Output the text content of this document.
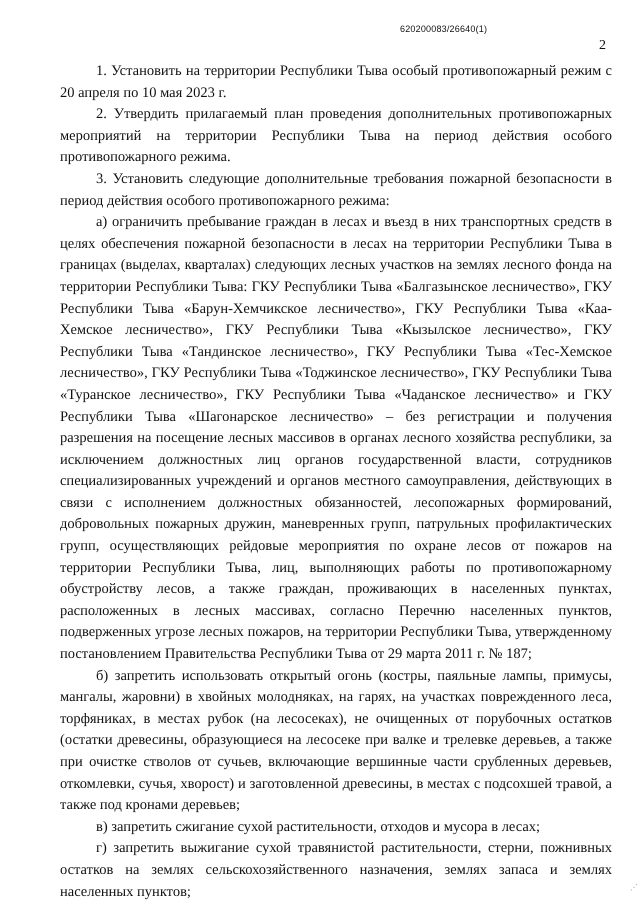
620200083/26640(1)
2

1. Установить на территории Республики Тыва особый противопожарный режим с 20 апреля по 10 мая 2023 г.

2. Утвердить прилагаемый план проведения дополнительных противопожарных мероприятий на территории Республики Тыва на период действия особого противопожарного режима.

3. Установить следующие дополнительные требования пожарной безопасности в период действия особого противопожарного режима:

а) ограничить пребывание граждан в лесах и въезд в них транспортных средств в целях обеспечения пожарной безопасности в лесах на территории Республики Тыва в границах (выделах, кварталах) следующих лесных участков на землях лесного фонда на территории Республики Тыва: ГКУ Республики Тыва «Балгазынское лесничество», ГКУ Республики Тыва «Барун-Хемчикское лесничество», ГКУ Республики Тыва «Каа-Хемское лесничество», ГКУ Республики Тыва «Кызылское лесничество», ГКУ Республики Тыва «Тандинское лесничество», ГКУ Республики Тыва «Тес-Хемское лесничество», ГКУ Республики Тыва «Тоджинское лесничество», ГКУ Республики Тыва «Туранское лесничество», ГКУ Республики Тыва «Чаданское лесничество» и ГКУ Республики Тыва «Шагонарское лесничество» – без регистрации и получения разрешения на посещение лесных массивов в органах лесного хозяйства республики, за исключением должностных лиц органов государственной власти, сотрудников специализированных учреждений и органов местного самоуправления, действующих в связи с исполнением должностных обязанностей, лесопожарных формирований, добровольных пожарных дружин, маневренных групп, патрульных профилактических групп, осуществляющих рейдовые мероприятия по охране лесов от пожаров на территории Республики Тыва, лиц, выполняющих работы по противопожарному обустройству лесов, а также граждан, проживающих в населенных пунктах, расположенных в лесных массивах, согласно Перечню населенных пунктов, подверженных угрозе лесных пожаров, на территории Республики Тыва, утвержденному постановлением Правительства Республики Тыва от 29 марта 2011 г. № 187;

б) запретить использовать открытый огонь (костры, паяльные лампы, примусы, мангалы, жаровни) в хвойных молодняках, на гарях, на участках поврежденного леса, торфяниках, в местах рубок (на лесосеках), не очищенных от порубочных остатков (остатки древесины, образующиеся на лесосеке при валке и трелевке деревьев, а также при очистке стволов от сучьев, включающие вершинные части срубленных деревьев, откомлевки, сучья, хворост) и заготовленной древесины, в местах с подсохшей травой, а также под кронами деревьев;

в) запретить сжигание сухой растительности, отходов и мусора в лесах;

г) запретить выжигание сухой травянистой растительности, стерни, пожнивных остатков на землях сельскохозяйственного назначения, землях запаса и землях населенных пунктов;	⋰
